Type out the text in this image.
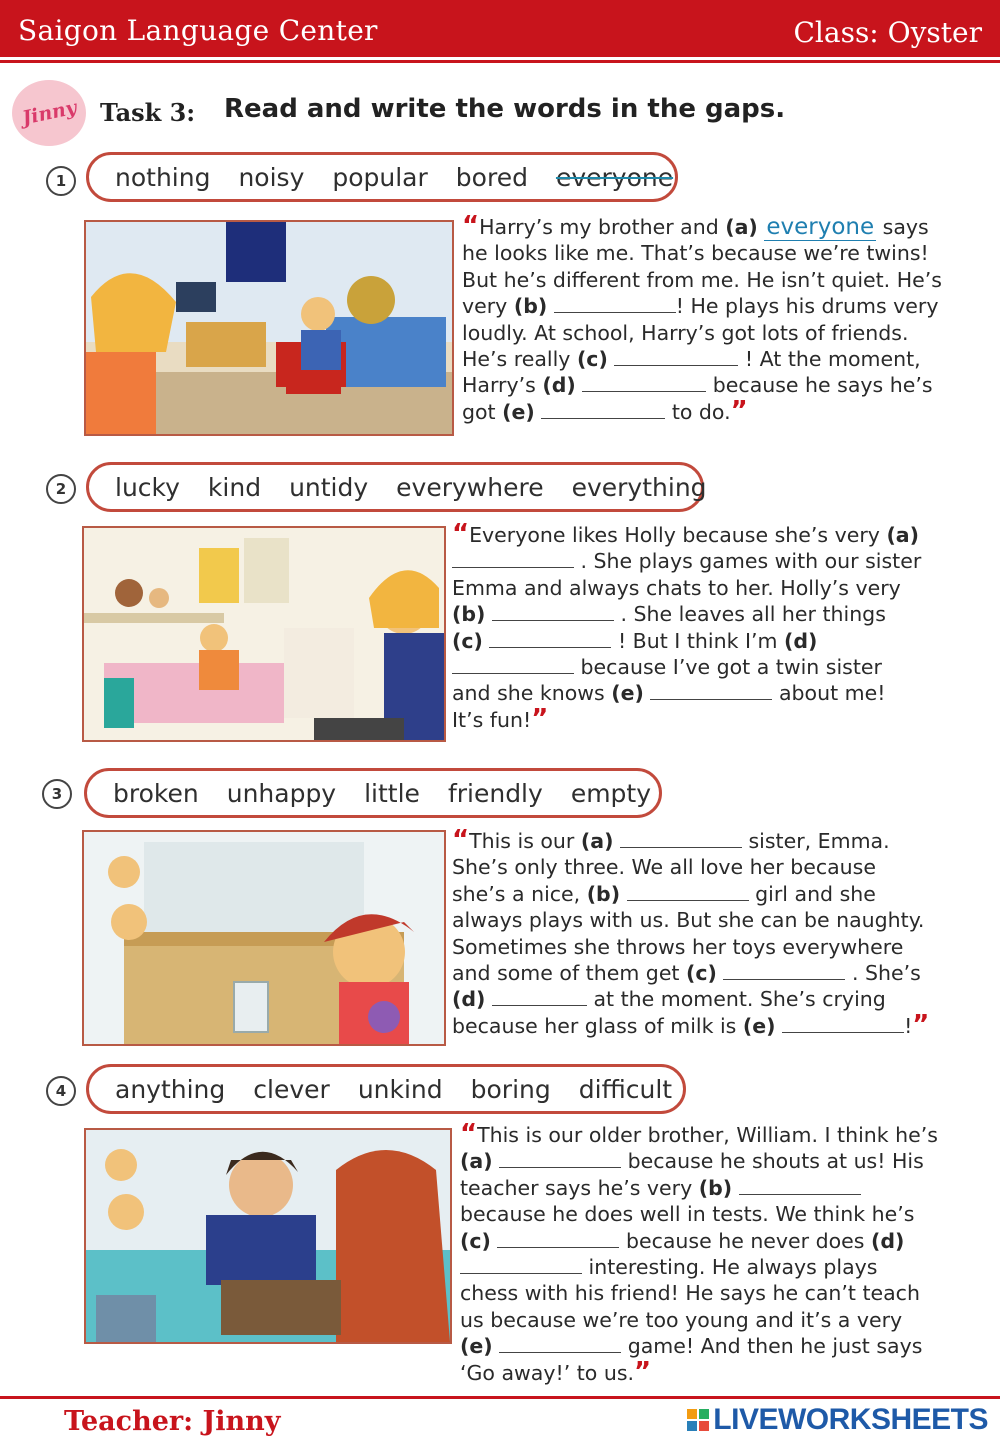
Saigon Language Center	Class: Oyster
Jinny Task 3: Read and write the words in the gaps.
1	nothing noisy popular bored everyone
“Harry’s my brother and (a) everyone says he looks like me. That’s because we’re twins! But he’s different from me. He isn’t quiet. He’s very (b)	! He plays his drums very loudly. At school, Harry’s got lots of friends. He’s really (c)	! At the moment, Harry’s (d)	because he says he’s got (e)	to do.”
2	lucky kind untidy everywhere everything
“Everyone likes Holly because she’s very (a)  . She plays games with our sister Emma and always chats to her. Holly’s very (b)	. She leaves all her things (c)	! But I think I’m (d)  because I’ve got a twin sister and she knows (e)	about me! It’s fun!”
3	broken unhappy little friendly empty
“This is our (a)	sister, Emma. She’s only three. We all love her because she’s a nice, (b)	girl and she always plays with us. But she can be naughty. Sometimes she throws her toys everywhere and some of them get (c)	. She’s (d)	at the moment. She’s crying because her glass of milk is (e)	!”
4	anything clever unkind boring difficult
“This is our older brother, William. I think he’s (a)	because he shouts at us! His teacher says he’s very (b)  because he does well in tests. We think he’s (c)	because he never does (d)  interesting. He always plays chess with his friend! He says he can’t teach us because we’re too young and it’s a very (e)	game! And then he just says ‘Go away!’ to us.”
Teacher: Jinny	LIVEWORKSHEETS
